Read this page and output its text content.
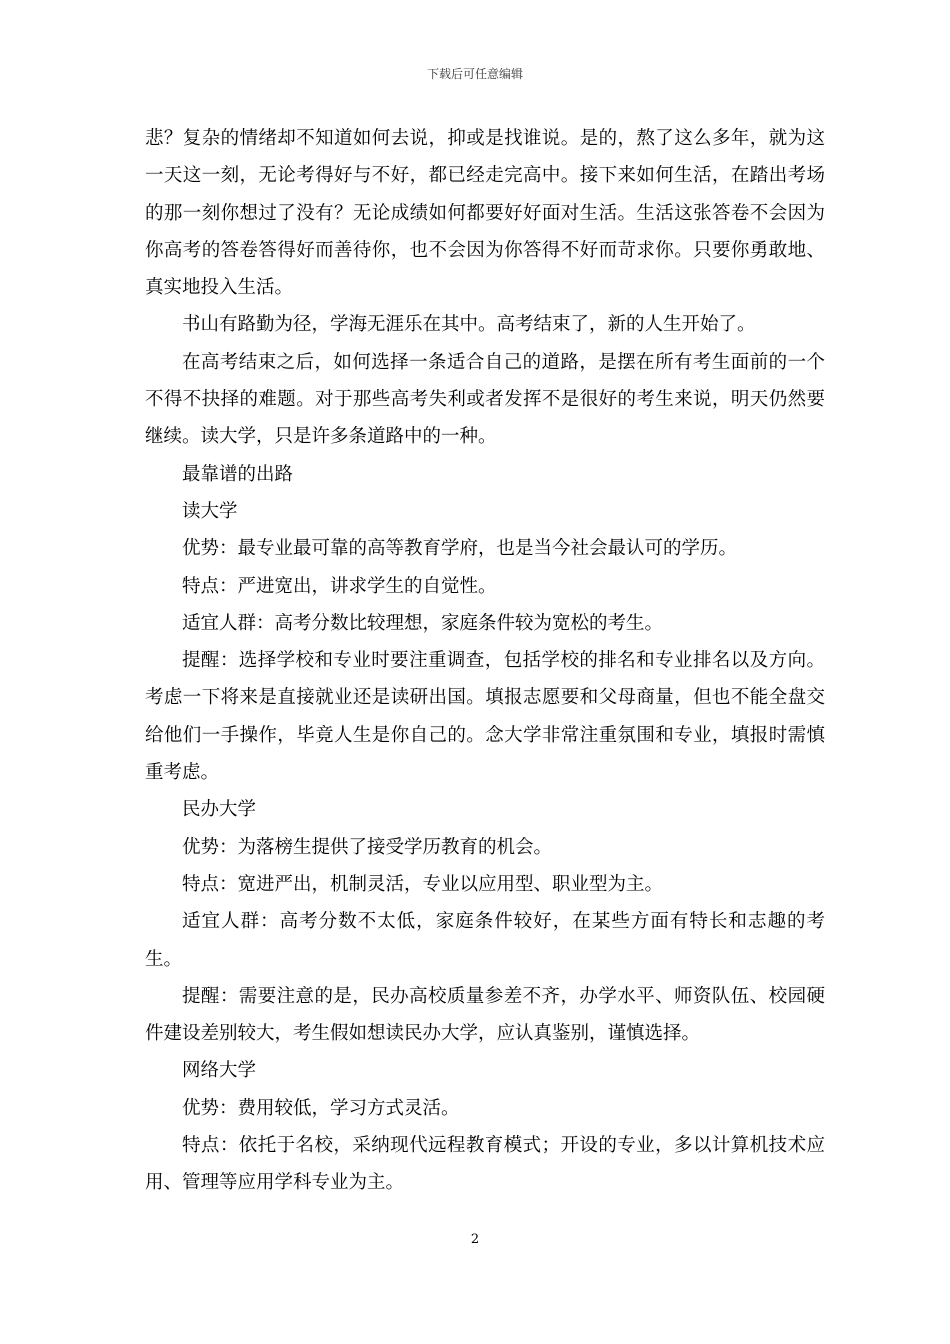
下载后可任意编辑

悲？复杂的情绪却不知道如何去说，抑或是找谁说。是的，熬了这么多年，就为这一天这一刻，无论考得好与不好，都已经走完高中。接下来如何生活，在踏出考场的那一刻你想过了没有？无论成绩如何都要好好面对生活。生活这张答卷不会因为你高考的答卷答得好而善待你，也不会因为你答得不好而苛求你。只要你勇敢地、真实地投入生活。

书山有路勤为径，学海无涯乐在其中。高考结束了，新的人生开始了。

在高考结束之后，如何选择一条适合自己的道路，是摆在所有考生面前的一个不得不抉择的难题。对于那些高考失利或者发挥不是很好的考生来说，明天仍然要继续。读大学，只是许多条道路中的一种。

最靠谱的出路

读大学

优势：最专业最可靠的高等教育学府，也是当今社会最认可的学历。

特点：严进宽出，讲求学生的自觉性。

适宜人群：高考分数比较理想，家庭条件较为宽松的考生。

提醒：选择学校和专业时要注重调查，包括学校的排名和专业排名以及方向。考虑一下将来是直接就业还是读研出国。填报志愿要和父母商量，但也不能全盘交给他们一手操作，毕竟人生是你自己的。念大学非常注重氛围和专业，填报时需慎重考虑。

民办大学

优势：为落榜生提供了接受学历教育的机会。

特点：宽进严出，机制灵活，专业以应用型、职业型为主。

适宜人群：高考分数不太低，家庭条件较好，在某些方面有特长和志趣的考生。

提醒：需要注意的是，民办高校质量参差不齐，办学水平、师资队伍、校园硬件建设差别较大，考生假如想读民办大学，应认真鉴别，谨慎选择。

网络大学

优势：费用较低，学习方式灵活。

特点：依托于名校，采纳现代远程教育模式；开设的专业，多以计算机技术应用、管理等应用学科专业为主。

2
